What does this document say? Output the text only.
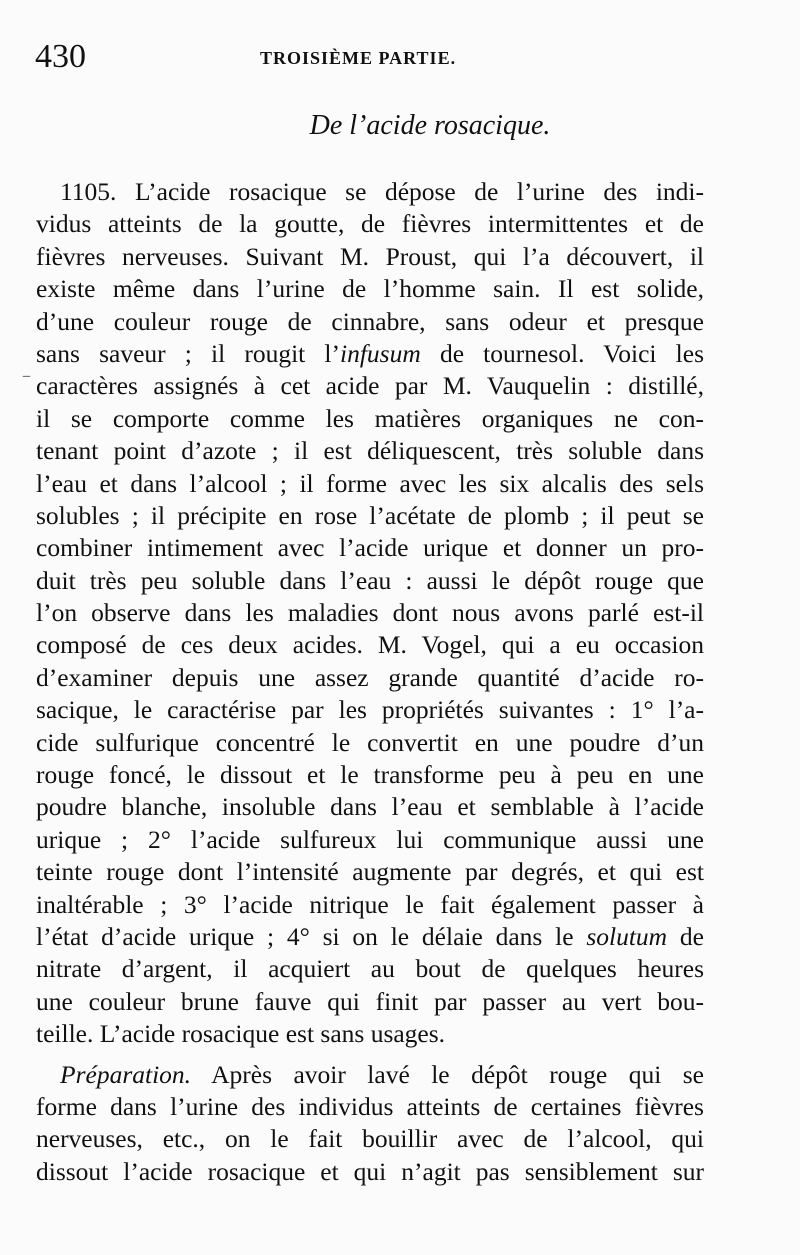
430	TROISIÈME PARTIE.
De l’acide rosacique.
1105. L’acide rosacique se dépose de l’urine des indi-
vidus atteints de la goutte, de fièvres intermittentes et de
fièvres nerveuses. Suivant M. Proust, qui l’a découvert, il
existe même dans l’urine de l’homme sain. Il est solide,
d’une couleur rouge de cinnabre, sans odeur et presque
sans saveur ; il rougit l’infusum de tournesol. Voici les
caractères assignés à cet acide par M. Vauquelin : distillé,
il se comporte comme les matières organiques ne con-
tenant point d’azote ; il est déliquescent, très soluble dans
l’eau et dans l’alcool ; il forme avec les six alcalis des sels
solubles ; il précipite en rose l’acétate de plomb ; il peut se
combiner intimement avec l’acide urique et donner un pro-
duit très peu soluble dans l’eau : aussi le dépôt rouge que
l’on observe dans les maladies dont nous avons parlé est-il
composé de ces deux acides. M. Vogel, qui a eu occasion
d’examiner depuis une assez grande quantité d’acide ro-
sacique, le caractérise par les propriétés suivantes : 1° l’a-
cide sulfurique concentré le convertit en une poudre d’un
rouge foncé, le dissout et le transforme peu à peu en une
poudre blanche, insoluble dans l’eau et semblable à l’acide
urique ; 2° l’acide sulfureux lui communique aussi une
teinte rouge dont l’intensité augmente par degrés, et qui est
inaltérable ; 3° l’acide nitrique le fait également passer à
l’état d’acide urique ; 4° si on le délaie dans le solutum de
nitrate d’argent, il acquiert au bout de quelques heures
une couleur brune fauve qui finit par passer au vert bou-
teille. L’acide rosacique est sans usages.
Préparation. Après avoir lavé le dépôt rouge qui se
forme dans l’urine des individus atteints de certaines fièvres
nerveuses, etc., on le fait bouillir avec de l’alcool, qui
dissout l’acide rosacique et qui n’agit pas sensiblement sur
–
